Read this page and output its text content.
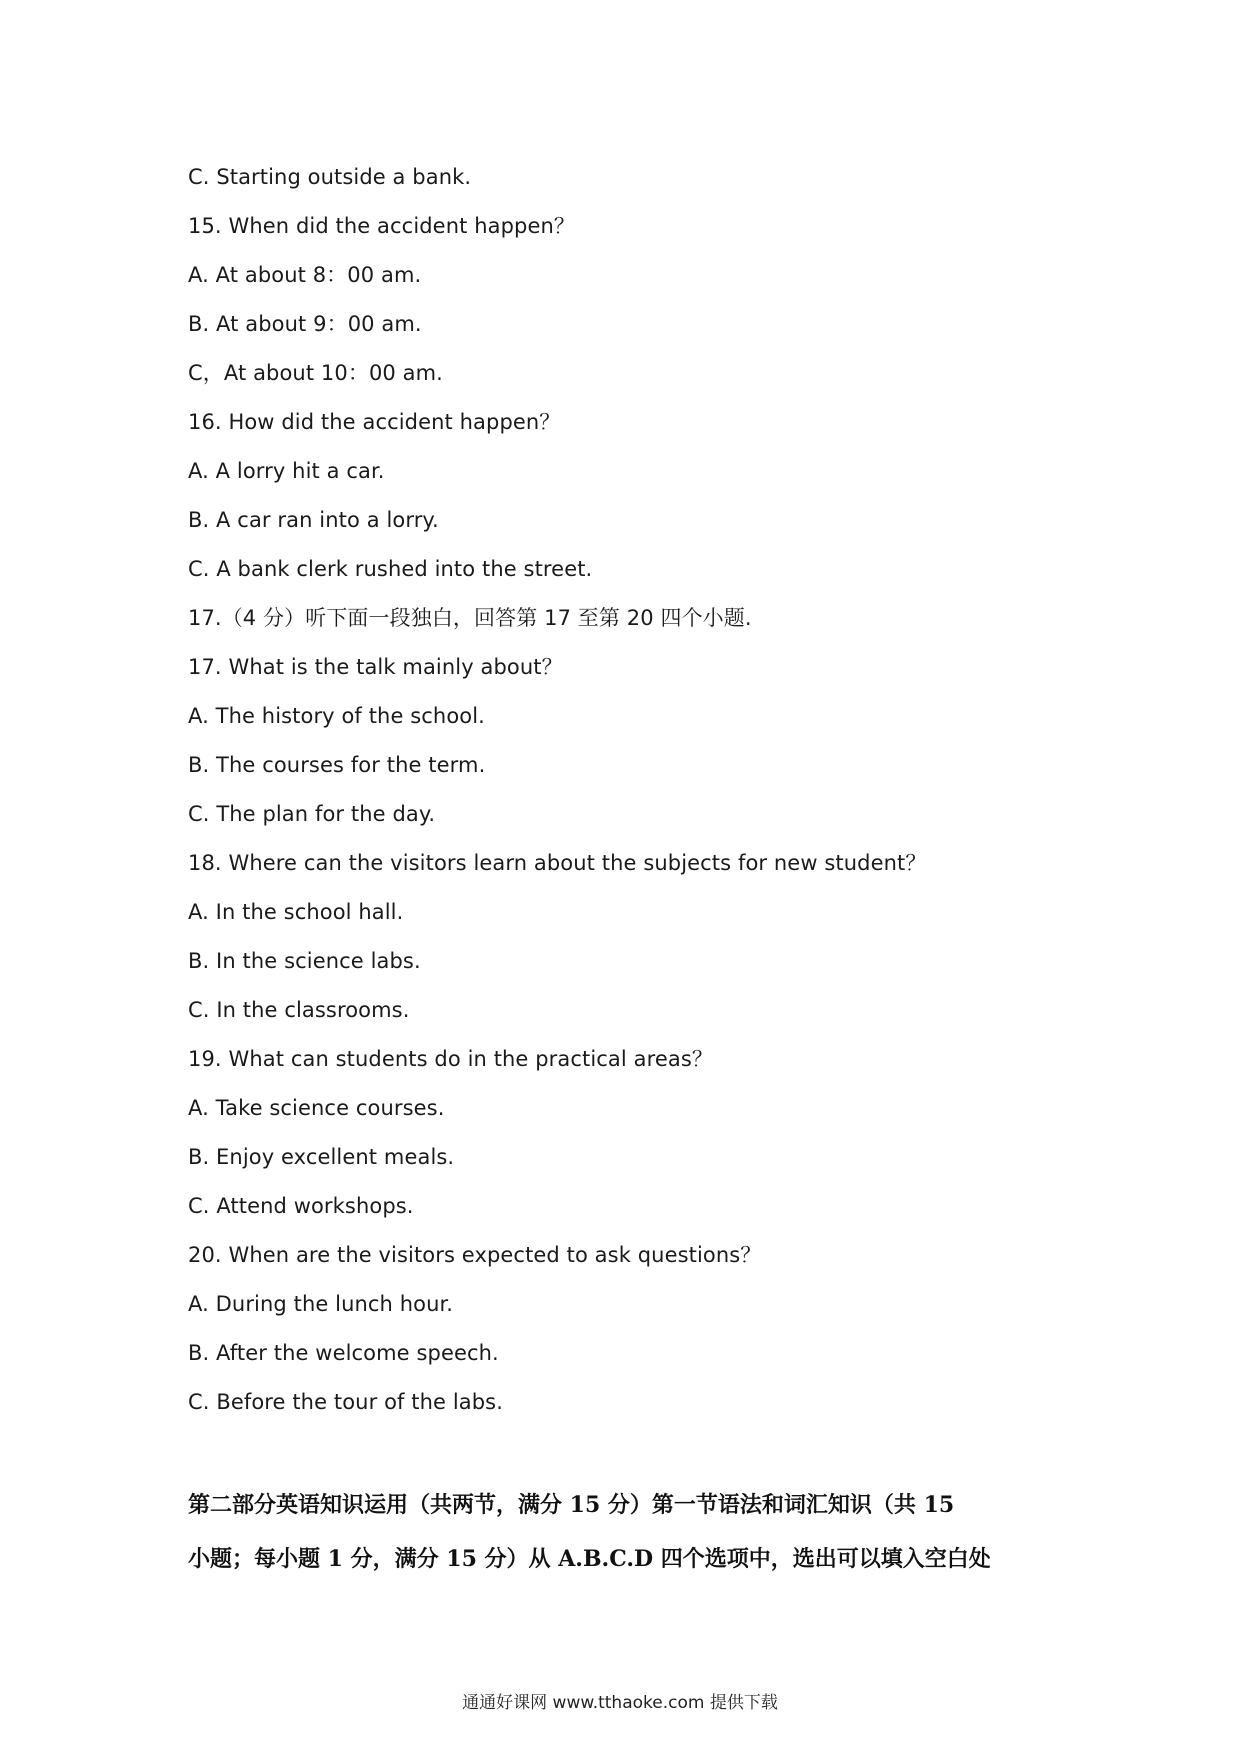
C. Starting outside a bank.
15. When did the accident happen？
A. At about 8：00 am.
B. At about 9：00 am.
C，At about 10：00 am.
16. How did the accident happen？
A. A lorry hit a car.
B. A car ran into a lorry.
C. A bank clerk rushed into the street.
17.（4 分）听下面一段独白，回答第 17 至第 20 四个小题.
17. What is the talk mainly about？
A. The history of the school.
B. The courses for the term.
C. The plan for the day.
18. Where can the visitors learn about the subjects for new student？
A. In the school hall.
B. In the science labs.
C. In the classrooms.
19. What can students do in the practical areas？
A. Take science courses.
B. Enjoy excellent meals.
C. Attend workshops.
20. When are the visitors expected to ask questions？
A. During the lunch hour.
B. After the welcome speech.
C. Before the tour of the labs.
第二部分英语知识运用（共两节，满分 15 分）第一节语法和词汇知识（共 15
小题；每小题 1 分，满分 15 分）从 A.B.C.D 四个选项中，选出可以填入空白处
通通好课网 www.tthaoke.com 提供下载
